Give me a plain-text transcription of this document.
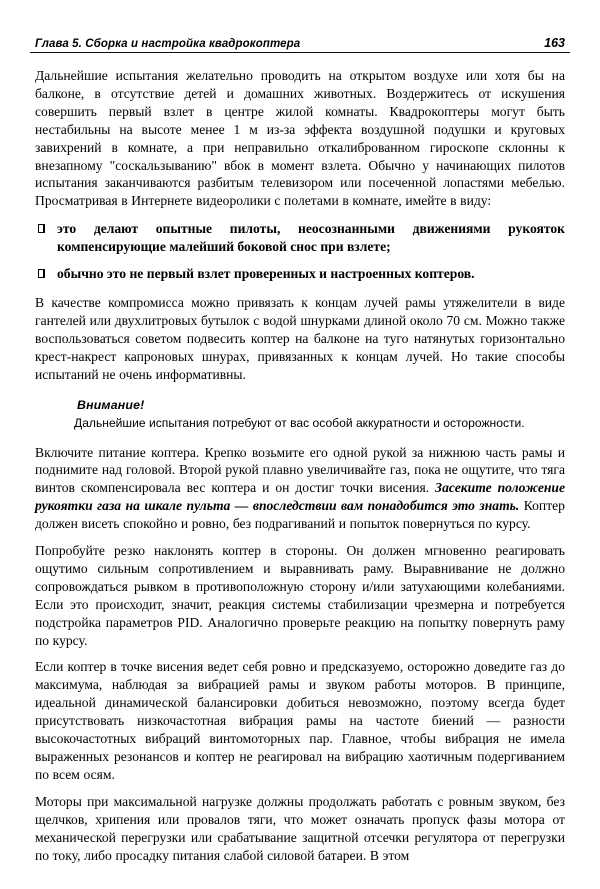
Глава 5. Сборка и настройка квадрокоптера	163

Дальнейшие испытания желательно проводить на открытом воздухе или хотя бы на балконе, в отсутствие детей и домашних животных. Воздержитесь от искушения совершить первый взлет в центре жилой комнаты. Квадрокоптеры могут быть нестабильны на высоте менее 1 м из-за эффекта воздушной подушки и круговых завихрений в комнате, а при неправильно откалиброванном гироскопе склонны к внезапному "соскальзыванию" вбок в момент взлета. Обычно у начинающих пилотов испытания заканчиваются разбитым телевизором или посеченной лопастями мебелью. Просматривая в Интернете видеоролики с полетами в комнате, имейте в виду:

это делают опытные пилоты, неосознанными движениями рукояток компенсирующие малейший боковой снос при взлете;
обычно это не первый взлет проверенных и настроенных коптеров.

В качестве компромисса можно привязать к концам лучей рамы утяжелители в виде гантелей или двухлитровых бутылок с водой шнурками длиной около 70 см. Можно также воспользоваться советом подвесить коптер на балконе на туго натянутых горизонтально крест-накрест капроновых шнурах, привязанных к концам лучей. Но такие способы испытаний не очень информативны.

Внимание!
Дальнейшие испытания потребуют от вас особой аккуратности и осторожности.

Включите питание коптера. Крепко возьмите его одной рукой за нижнюю часть рамы и поднимите над головой. Второй рукой плавно увеличивайте газ, пока не ощутите, что тяга винтов скомпенсировала вес коптера и он достиг точки висения. Засеките положение рукоятки газа на шкале пульта — впоследствии вам понадобится это знать. Коптер должен висеть спокойно и ровно, без подрагиваний и попыток повернуться по курсу.

Попробуйте резко наклонять коптер в стороны. Он должен мгновенно реагировать ощутимо сильным сопротивлением и выравнивать раму. Выравнивание не должно сопровождаться рывком в противоположную сторону и/или затухающими колебаниями. Если это происходит, значит, реакция системы стабилизации чрезмерна и потребуется подстройка параметров PID. Аналогично проверьте реакцию на попытку повернуть раму по курсу.

Если коптер в точке висения ведет себя ровно и предсказуемо, осторожно доведите газ до максимума, наблюдая за вибрацией рамы и звуком работы моторов. В принципе, идеальной динамической балансировки добиться невозможно, поэтому всегда будет присутствовать низкочастотная вибрация рамы на частоте биений — разности высокочастотных вибраций винтомоторных пар. Главное, чтобы вибрация не имела выраженных резонансов и коптер не реагировал на вибрацию хаотичным подергиванием по всем осям.

Моторы при максимальной нагрузке должны продолжать работать с ровным звуком, без щелчков, хрипения или провалов тяги, что может означать пропуск фазы мотора от механической перегрузки или срабатывание защитной отсечки регулятора от перегрузки по току, либо просадку питания слабой силовой батареи. В этом
